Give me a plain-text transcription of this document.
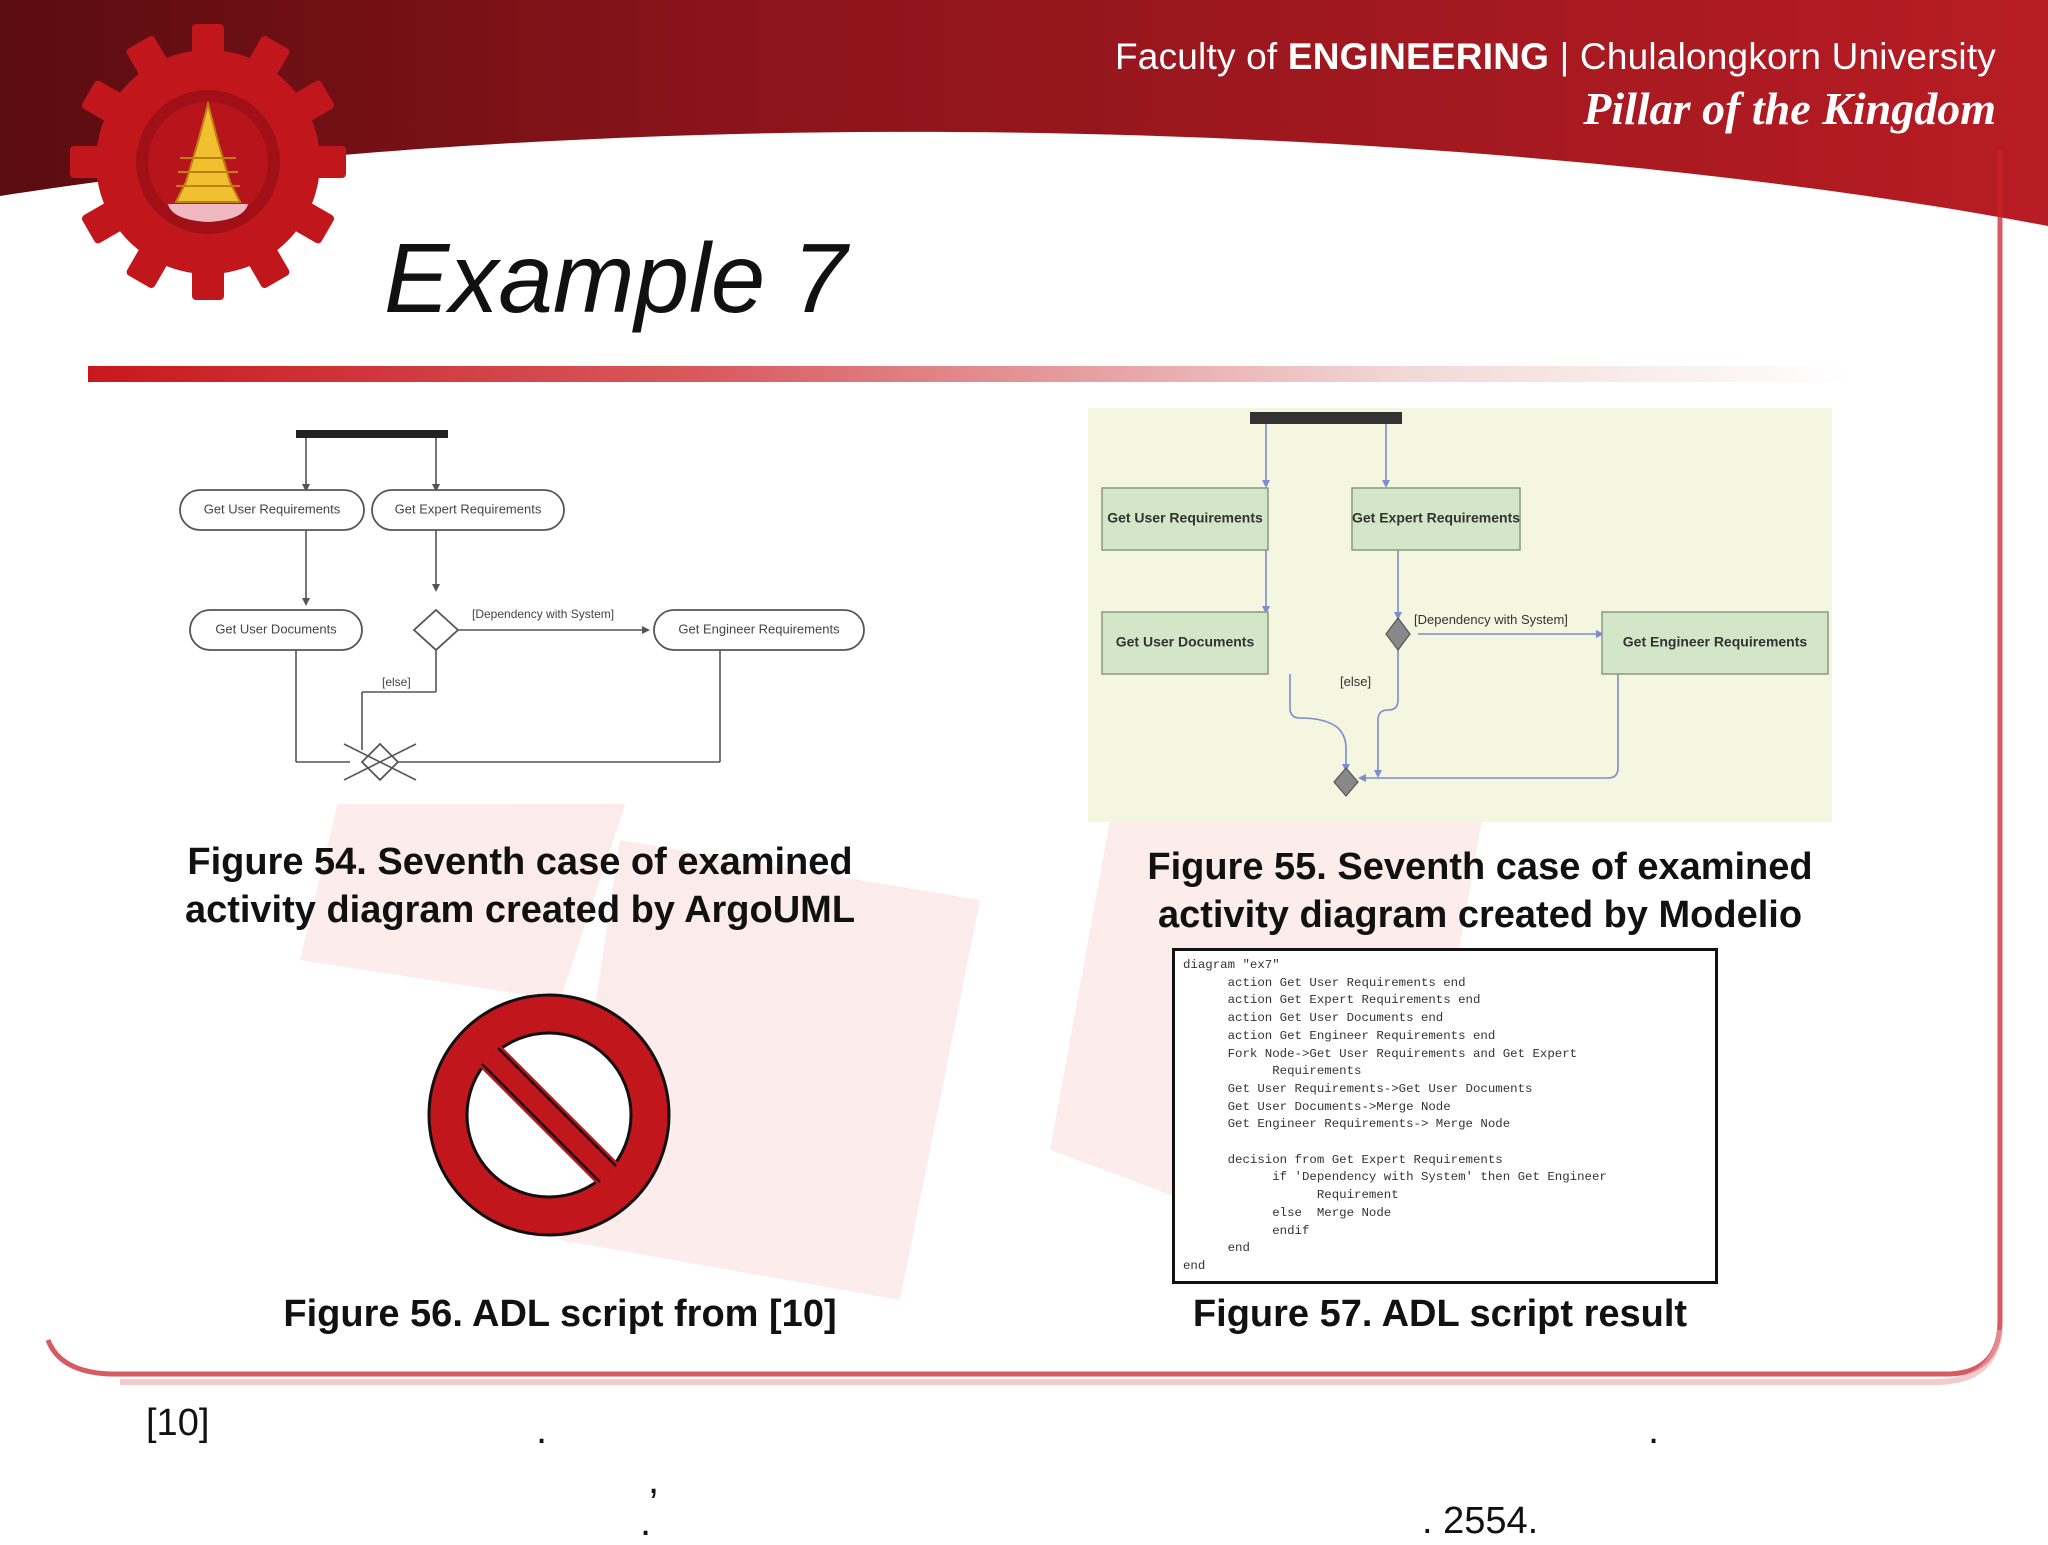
Faculty of ENGINEERING | Chulalongkorn University
Pillar of the Kingdom
Example 7
Get User Requirements	Get Expert Requirements
Get User Documents	Get Engineer Requirements
[Dependency with System]
[else]
Figure 54. Seventh case of examined
activity diagram created by ArgoUML
Get User Requirements	Get Expert Requirements
Get User Documents	Get Engineer Requirements
[Dependency with System]
[else]
Figure 55. Seventh case of examined
activity diagram created by Modelio
Figure 56. ADL script from [10]
diagram "ex7"
action Get User Requirements end
action Get Expert Requirements end
action Get User Documents end
action Get Engineer Requirements end
Fork Node->Get User Requirements and Get Expert
Requirements
Get User Requirements->Get User Documents
Get User Documents->Merge Node
Get Engineer Requirements-> Merge Node

decision from Get Expert Requirements
if 'Dependency with System' then Get Engineer
Requirement
else  Merge Node
endif
end
end
Figure 57. ADL script result
[10]	.	.
,
.	. 2554.
